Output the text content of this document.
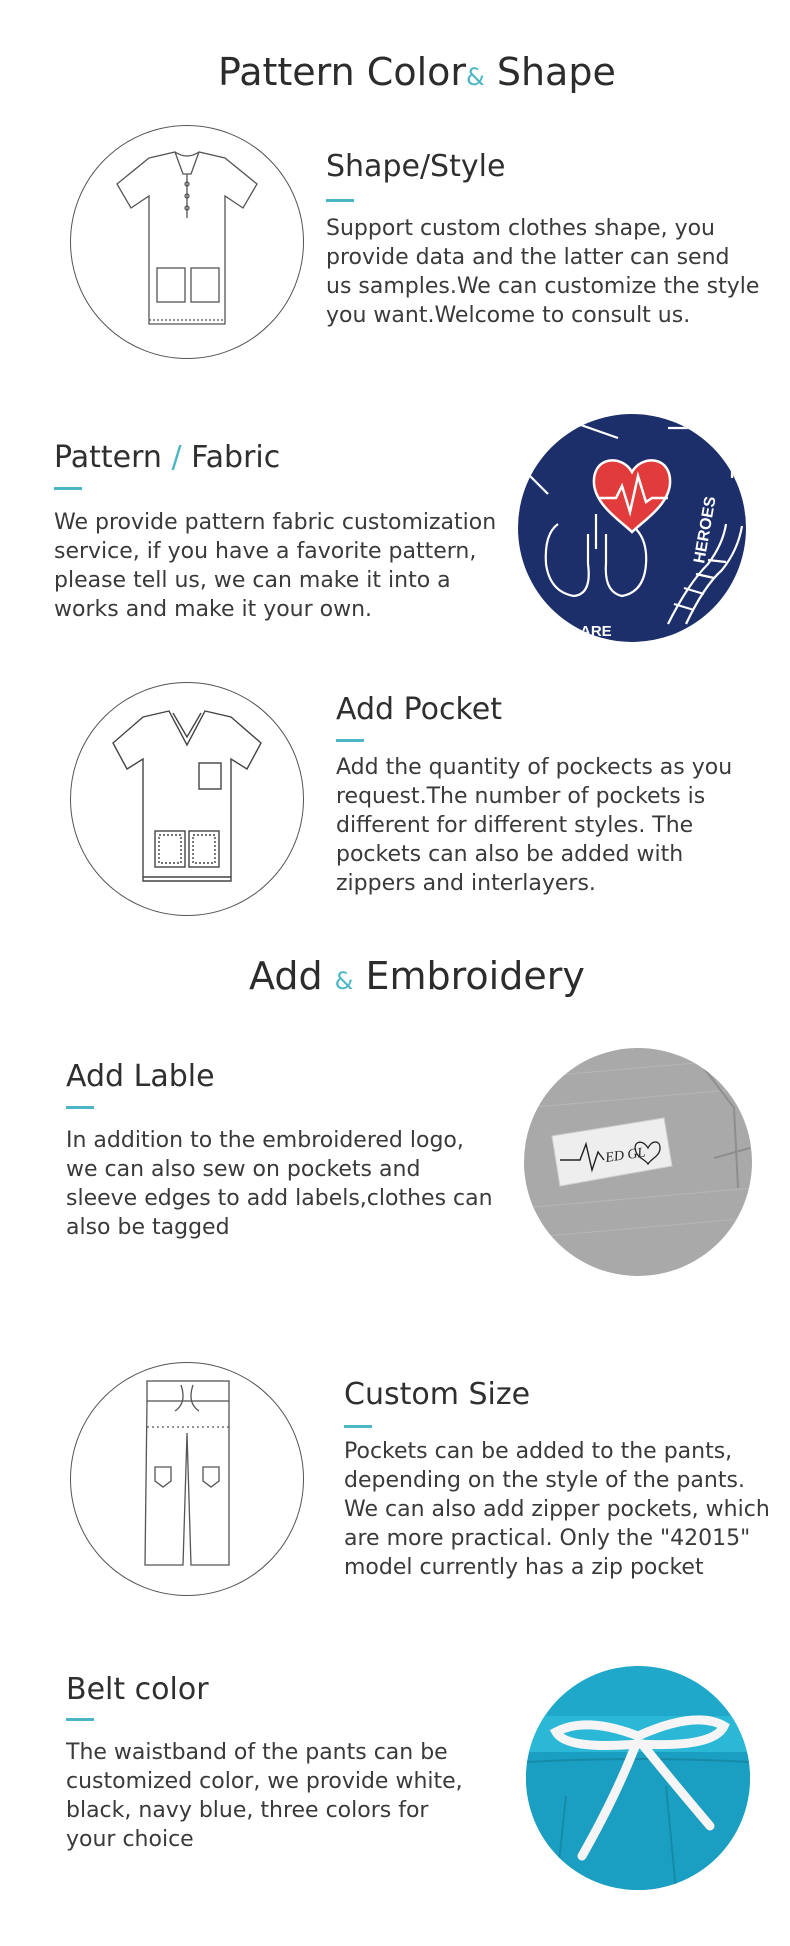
Pattern Color& Shape
Shape/Style
Support custom clothes shape, you
provide data and the latter can send
us samples.We can customize the style
you want.Welcome to consult us.
Pattern / Fabric
We provide pattern fabric customization
service, if you have a favorite pattern,
please tell us, we can make it into a
works and make it your own.
HEROES
ARE
Add Pocket
Add the quantity of pockects as you
request.The number of pockets is
different for different styles. The
pockets can also be added with
zippers and interlayers.
Add & Embroidery
Add Lable
In addition to the embroidered logo,
we can also sew on pockets and
sleeve edges to add labels,clothes can
also be tagged
ED GL
Custom Size
Pockets can be added to the pants,
depending on the style of the pants.
We can also add zipper pockets, which
are more practical. Only the "42015"
model currently has a zip pocket
Belt color
The waistband of the pants can be
customized color, we provide white,
black, navy blue, three colors for
your choice
